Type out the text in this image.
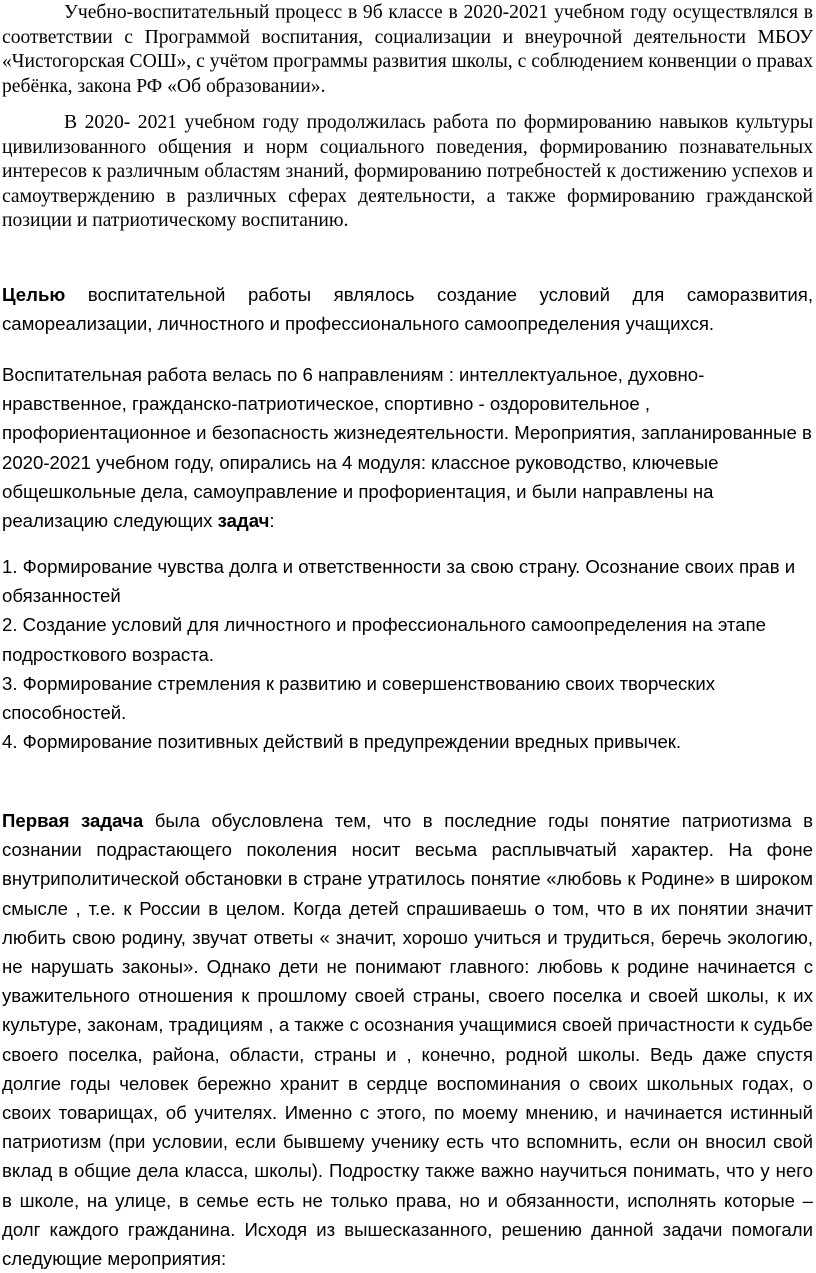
Учебно-воспитательный процесс в 9б классе в 2020-2021 учебном году осуществлялся в соответствии с Программой воспитания, социализации и внеурочной деятельности МБОУ «Чистогорская СОШ», с учётом программы развития школы, с соблюдением конвенции о правах ребёнка, закона РФ «Об образовании».

В 2020- 2021 учебном году продолжилась работа по формированию навыков культуры цивилизованного общения и норм социального поведения, формированию познавательных интересов к различным областям знаний, формированию потребностей к достижению успехов и самоутверждению в различных сферах деятельности, а также формированию гражданской позиции и патриотическому воспитанию.

Целью воспитательной работы являлось создание условий для саморазвития, самореализации, личностного и профессионального самоопределения учащихся.

Воспитательная работа велась по 6 направлениям : интеллектуальное, духовно-нравственное, гражданско-патриотическое, спортивно - оздоровительное , профориентационное и безопасность жизнедеятельности. Мероприятия, запланированные в 2020-2021 учебном году, опирались на 4 модуля: классное руководство, ключевые общешкольные дела, самоуправление и профориентация, и были направлены на реализацию следующих задач:

1. Формирование чувства долга и ответственности за свою страну. Осознание своих прав и обязанностей
2. Создание условий для личностного и профессионального самоопределения на этапе подросткового возраста.
3. Формирование стремления к развитию и совершенствованию своих творческих способностей.
4. Формирование позитивных действий в предупреждении вредных привычек.

Первая задача была обусловлена тем, что в последние годы понятие патриотизма в сознании подрастающего поколения носит весьма расплывчатый характер. На фоне внутриполитической обстановки в стране утратилось понятие «любовь к Родине» в широком смысле , т.е. к России в целом. Когда детей спрашиваешь о том, что в их понятии значит любить свою родину, звучат ответы « значит, хорошо учиться и трудиться, беречь экологию, не нарушать законы». Однако дети не понимают главного: любовь к родине начинается с уважительного отношения к прошлому своей страны, своего поселка и своей школы, к их культуре, законам, традициям , а также с осознания учащимися своей причастности к судьбе своего поселка, района, области, страны и , конечно, родной школы. Ведь даже спустя долгие годы человек бережно хранит в сердце воспоминания о своих школьных годах, о своих товарищах, об учителях. Именно с этого, по моему мнению, и начинается истинный патриотизм (при условии, если бывшему ученику есть что вспомнить, если он вносил свой вклад в общие дела класса, школы). Подростку также важно научиться понимать, что у него в школе, на улице, в семье есть не только права, но и обязанности, исполнять которые – долг каждого гражданина. Исходя из вышесказанного, решению данной задачи помогали следующие мероприятия:
